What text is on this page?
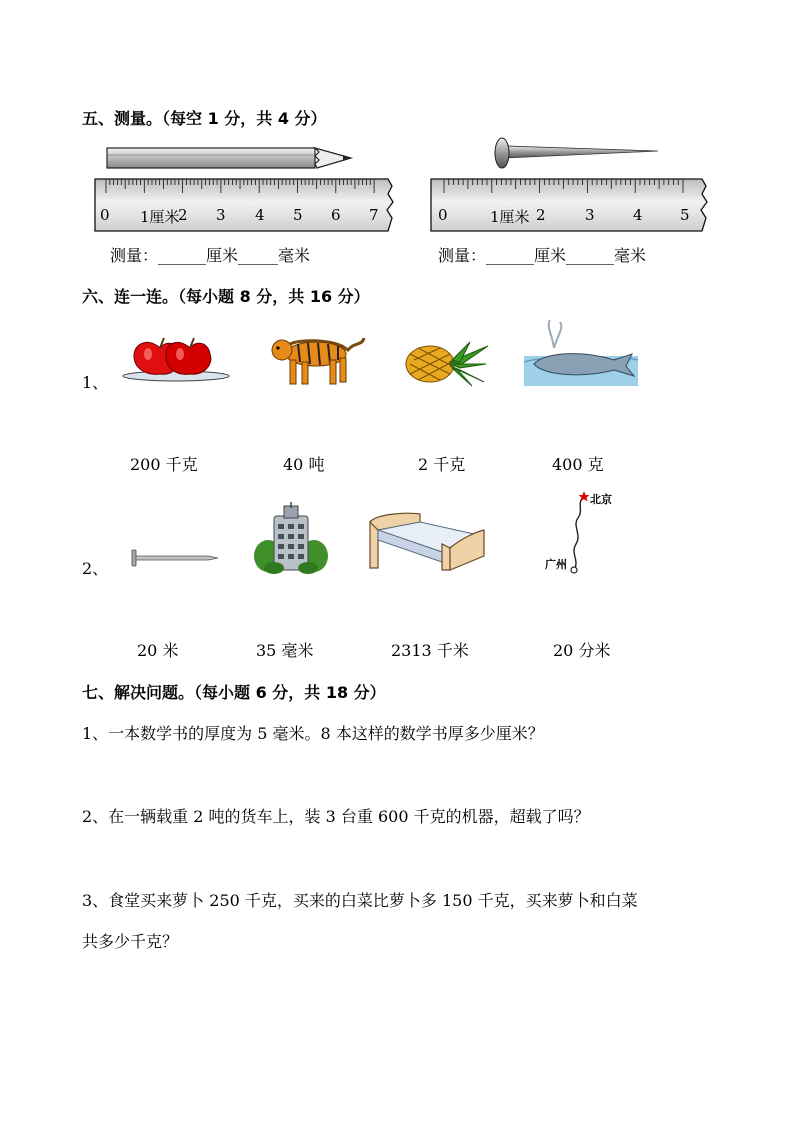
五、测量。（每空 1 分，共 4 分）
0 1厘米
2 3 4 5 6 7	0	1厘米 2	3	4 5
测量：______厘米_____毫米	测量：______厘米______毫米
六、连一连。（每小题 8 分，共 16 分）
1、
200 千克	40 吨	2 千克	400 克
2、
北京
广州
20 米	35 毫米	2313 千米	20 分米
七、解决问题。（每小题 6 分，共 18 分）
1、一本数学书的厚度为 5 毫米。8 本这样的数学书厚多少厘米？
2、在一辆载重 2 吨的货车上，装 3 台重 600 千克的机器，超载了吗？
3、食堂买来萝卜 250 千克，买来的白菜比萝卜多 150 千克，买来萝卜和白菜
共多少千克？
